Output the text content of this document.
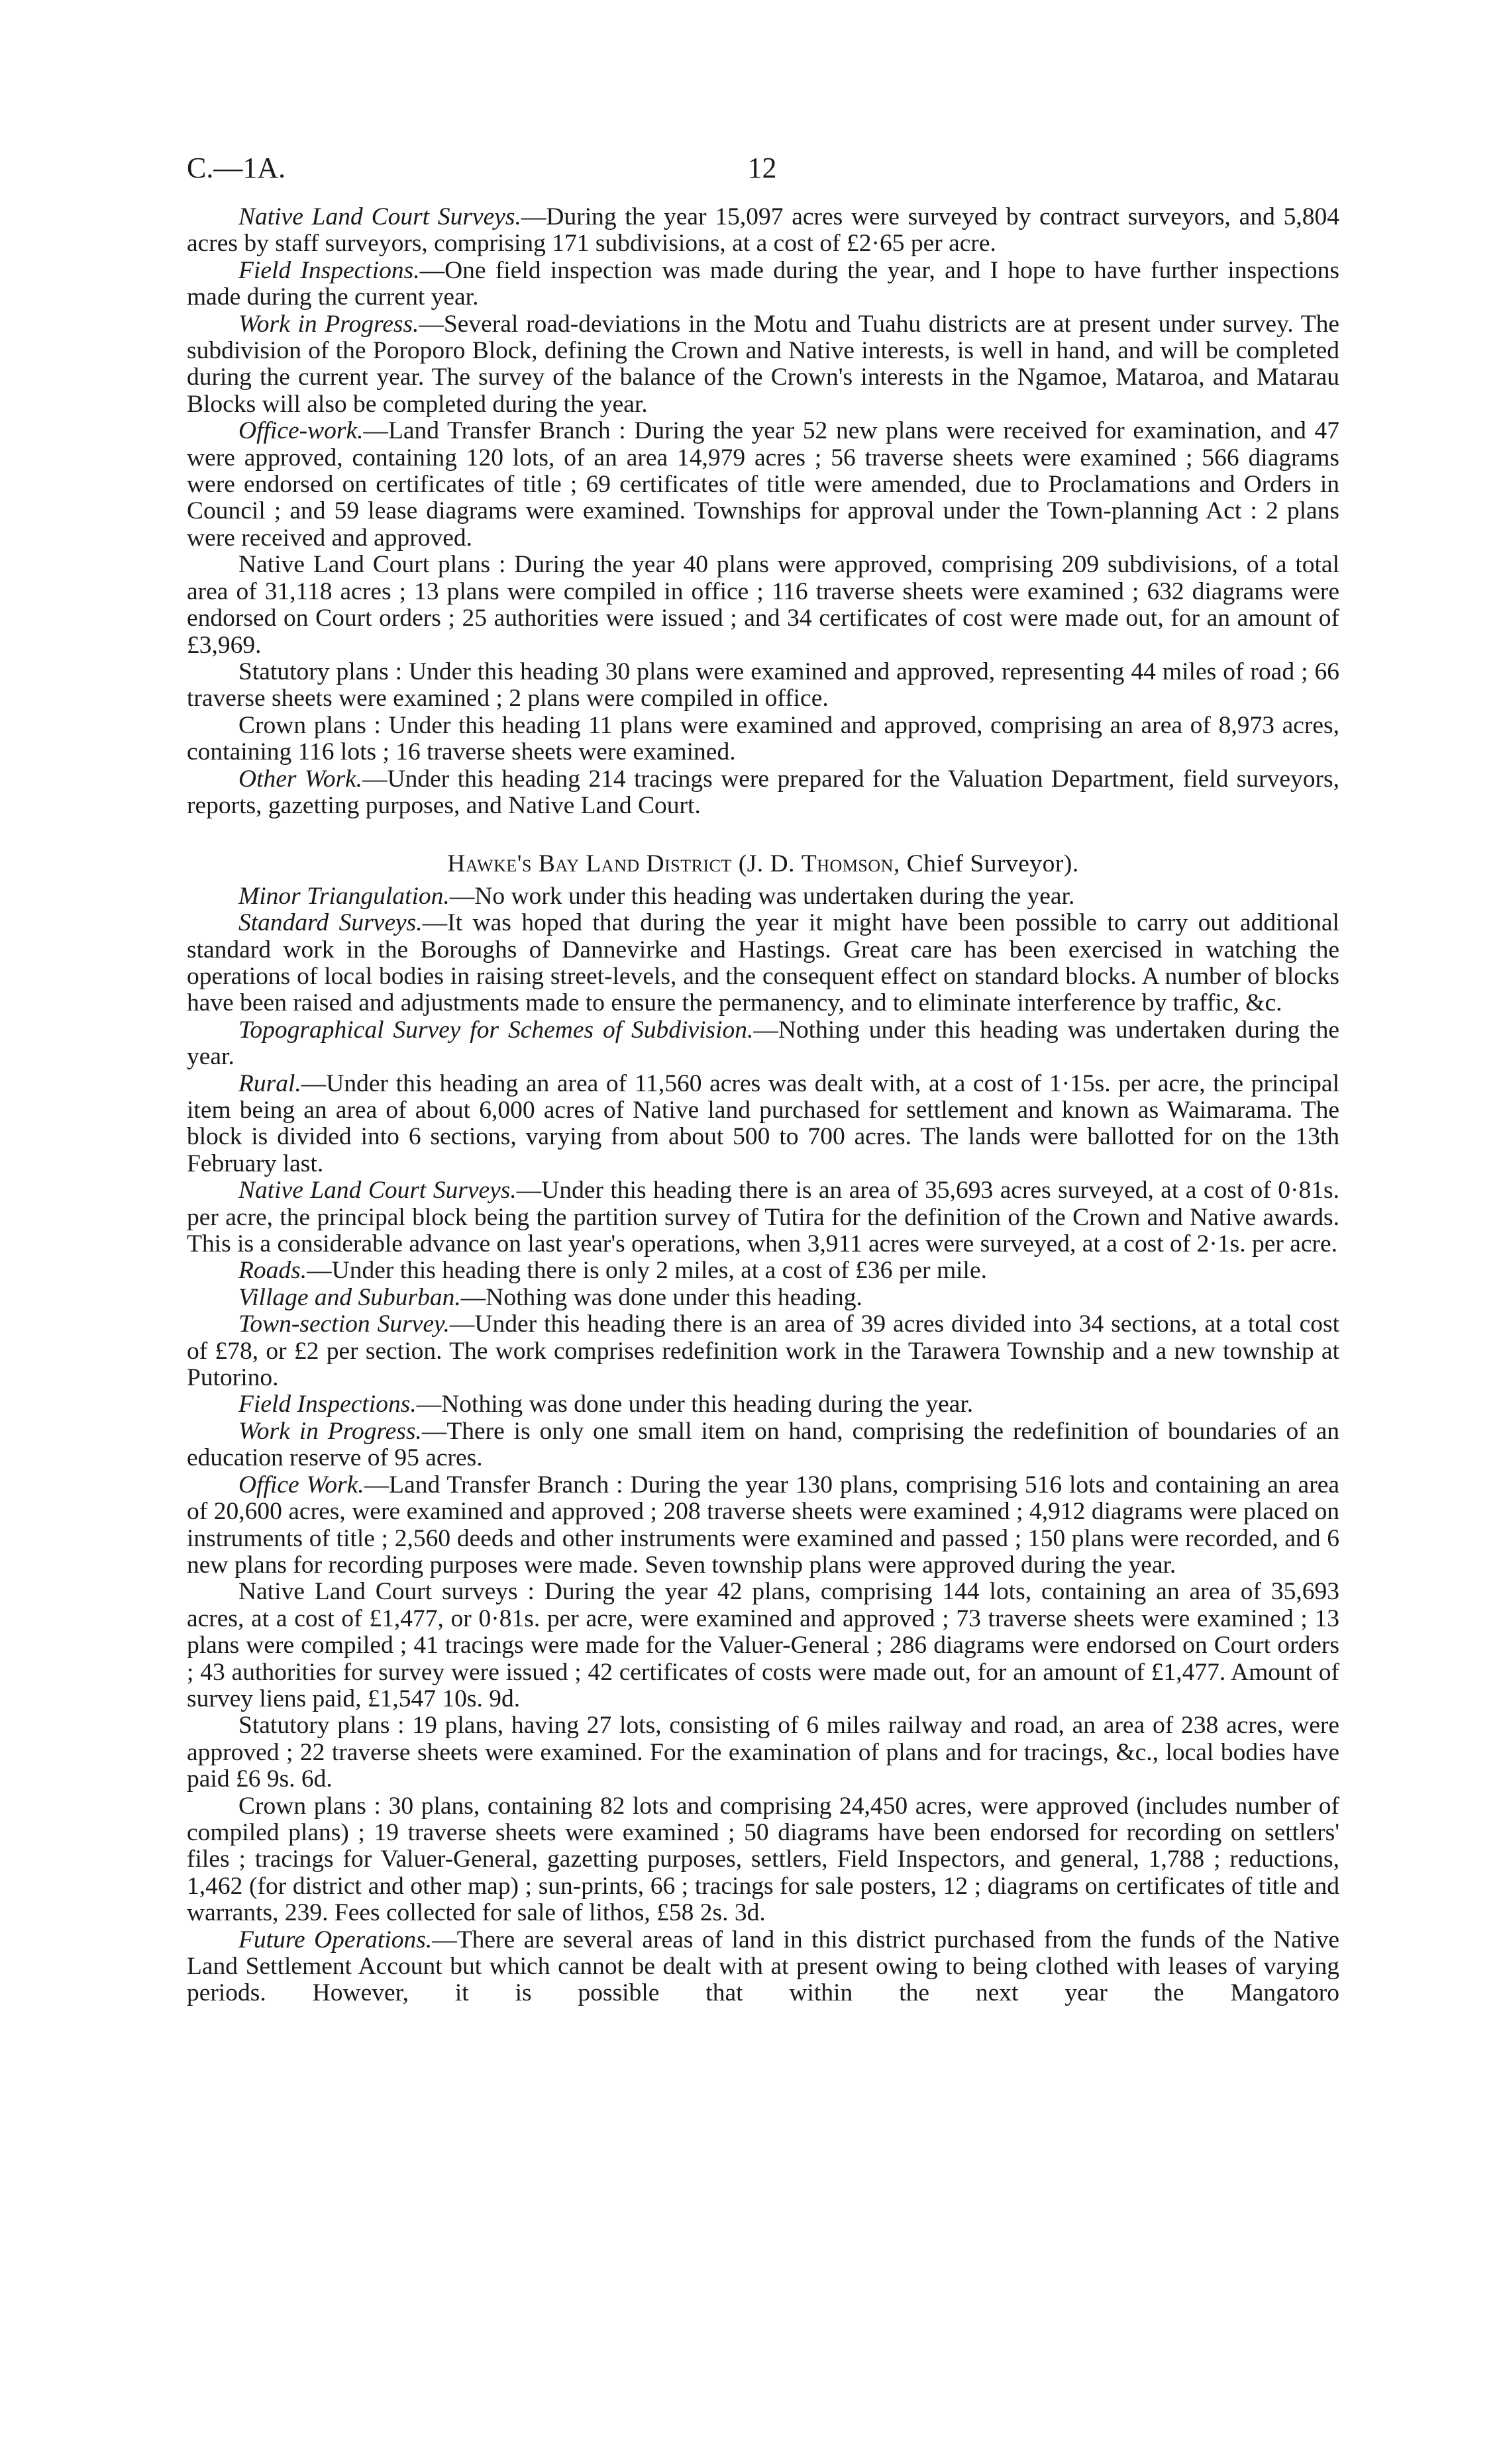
C.—1A.	12

Native Land Court Surveys.—During the year 15,097 acres were surveyed by contract surveyors, and 5,804 acres by staff surveyors, comprising 171 subdivisions, at a cost of £2·65 per acre.

Field Inspections.—One field inspection was made during the year, and I hope to have further inspections made during the current year.

Work in Progress.—Several road-deviations in the Motu and Tuahu districts are at present under survey. The subdivision of the Poroporo Block, defining the Crown and Native interests, is well in hand, and will be completed during the current year. The survey of the balance of the Crown's interests in the Ngamoe, Mataroa, and Matarau Blocks will also be completed during the year.

Office-work.—Land Transfer Branch : During the year 52 new plans were received for examination, and 47 were approved, containing 120 lots, of an area 14,979 acres ; 56 traverse sheets were examined ; 566 diagrams were endorsed on certificates of title ; 69 certificates of title were amended, due to Proclamations and Orders in Council ; and 59 lease diagrams were examined. Townships for approval under the Town-planning Act : 2 plans were received and approved.

Native Land Court plans : During the year 40 plans were approved, comprising 209 subdivisions, of a total area of 31,118 acres ; 13 plans were compiled in office ; 116 traverse sheets were examined ; 632 diagrams were endorsed on Court orders ; 25 authorities were issued ; and 34 certificates of cost were made out, for an amount of £3,969.

Statutory plans : Under this heading 30 plans were examined and approved, representing 44 miles of road ; 66 traverse sheets were examined ; 2 plans were compiled in office.

Crown plans : Under this heading 11 plans were examined and approved, comprising an area of 8,973 acres, containing 116 lots ; 16 traverse sheets were examined.

Other Work.—Under this heading 214 tracings were prepared for the Valuation Department, field surveyors, reports, gazetting purposes, and Native Land Court.

Hawke's Bay Land District (J. D. Thomson, Chief Surveyor).

Minor Triangulation.—No work under this heading was undertaken during the year.

Standard Surveys.—It was hoped that during the year it might have been possible to carry out additional standard work in the Boroughs of Dannevirke and Hastings. Great care has been exercised in watching the operations of local bodies in raising street-levels, and the consequent effect on standard blocks. A number of blocks have been raised and adjustments made to ensure the permanency, and to eliminate interference by traffic, &c.

Topographical Survey for Schemes of Subdivision.—Nothing under this heading was undertaken during the year.

Rural.—Under this heading an area of 11,560 acres was dealt with, at a cost of 1·15s. per acre, the principal item being an area of about 6,000 acres of Native land purchased for settlement and known as Waimarama. The block is divided into 6 sections, varying from about 500 to 700 acres. The lands were ballotted for on the 13th February last.

Native Land Court Surveys.—Under this heading there is an area of 35,693 acres surveyed, at a cost of 0·81s. per acre, the principal block being the partition survey of Tutira for the definition of the Crown and Native awards. This is a considerable advance on last year's operations, when 3,911 acres were surveyed, at a cost of 2·1s. per acre.

Roads.—Under this heading there is only 2 miles, at a cost of £36 per mile.

Village and Suburban.—Nothing was done under this heading.

Town-section Survey.—Under this heading there is an area of 39 acres divided into 34 sections, at a total cost of £78, or £2 per section. The work comprises redefinition work in the Tarawera Township and a new township at Putorino.

Field Inspections.—Nothing was done under this heading during the year.

Work in Progress.—There is only one small item on hand, comprising the redefinition of boundaries of an education reserve of 95 acres.

Office Work.—Land Transfer Branch : During the year 130 plans, comprising 516 lots and containing an area of 20,600 acres, were examined and approved ; 208 traverse sheets were examined ; 4,912 diagrams were placed on instruments of title ; 2,560 deeds and other instruments were examined and passed ; 150 plans were recorded, and 6 new plans for recording purposes were made. Seven township plans were approved during the year.

Native Land Court surveys : During the year 42 plans, comprising 144 lots, containing an area of 35,693 acres, at a cost of £1,477, or 0·81s. per acre, were examined and approved ; 73 traverse sheets were examined ; 13 plans were compiled ; 41 tracings were made for the Valuer-General ; 286 diagrams were endorsed on Court orders ; 43 authorities for survey were issued ; 42 certificates of costs were made out, for an amount of £1,477. Amount of survey liens paid, £1,547 10s. 9d.

Statutory plans : 19 plans, having 27 lots, consisting of 6 miles railway and road, an area of 238 acres, were approved ; 22 traverse sheets were examined. For the examination of plans and for tracings, &c., local bodies have paid £6 9s. 6d.

Crown plans : 30 plans, containing 82 lots and comprising 24,450 acres, were approved (includes number of compiled plans) ; 19 traverse sheets were examined ; 50 diagrams have been endorsed for recording on settlers' files ; tracings for Valuer-General, gazetting purposes, settlers, Field Inspectors, and general, 1,788 ; reductions, 1,462 (for district and other map) ; sun-prints, 66 ; tracings for sale posters, 12 ; diagrams on certificates of title and warrants, 239. Fees collected for sale of lithos, £58 2s. 3d.

Future Operations.—There are several areas of land in this district purchased from the funds of the Native Land Settlement Account but which cannot be dealt with at present owing to being clothed with leases of varying periods. However, it is possible that within the next year the Mangatoro
